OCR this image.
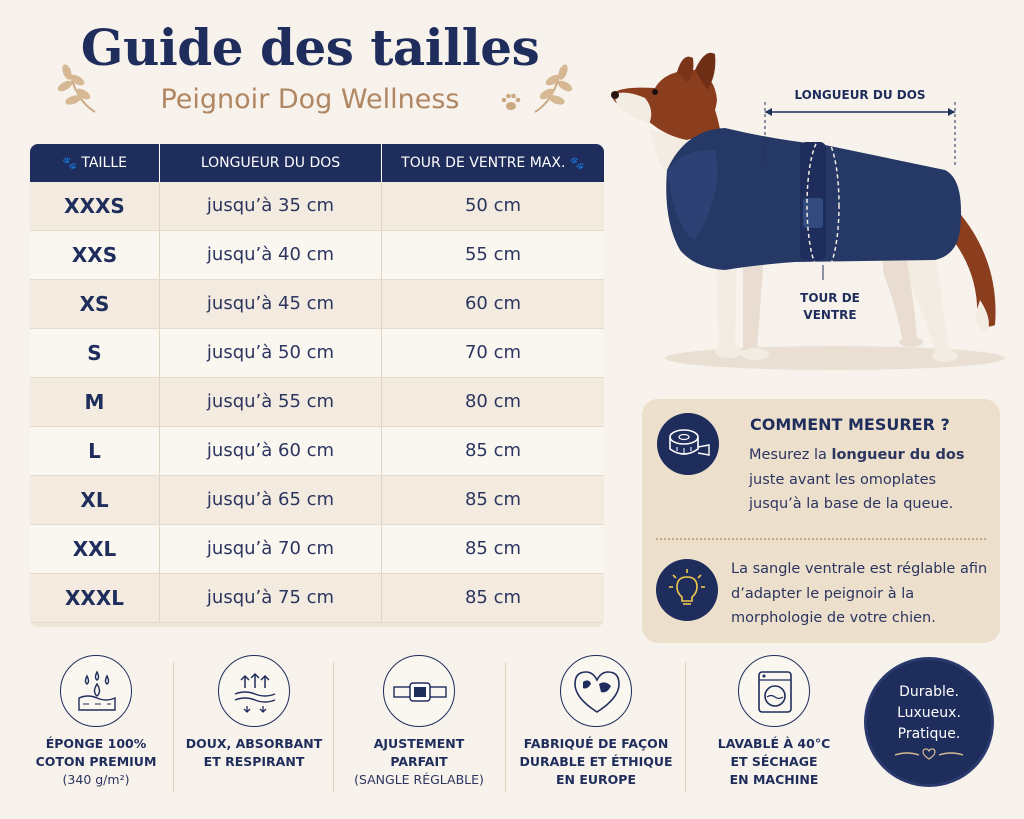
Guide des tailles
Peignoir Dog Wellness
🐾 TAILLE	LONGUEUR DU DOS	TOUR DE VENTRE MAX. 🐾
XXXS	jusqu’à 35 cm	50 cm
XXS	jusqu’à 40 cm	55 cm
XS	jusqu’à 45 cm	60 cm
S	jusqu’à 50 cm	70 cm
M	jusqu’à 55 cm	80 cm
L	jusqu’à 60 cm	85 cm
XL	jusqu’à 65 cm	85 cm
XXL	jusqu’à 70 cm	85 cm
XXXL	jusqu’à 75 cm	85 cm
LONGUEUR DU DOS
TOUR DE
VENTRE
COMMENT MESURER ?
Mesurez la longueur du dos juste avant les omoplates jusqu’à la base de la queue.
La sangle ventrale est réglable afin d’adapter le peignoir à la morphologie de votre chien.
ÉPONGE 100%
COTON PREMIUM
(340 g/m²)
DOUX, ABSORBANT
ET RESPIRANT
AJUSTEMENT
PARFAIT
(SANGLE RÉGLABLE)
FABRIQUÉ DE FAÇON
DURABLE ET ÉTHIQUE
EN EUROPE
LAVABLÉ À 40°C
ET SÉCHAGE
EN MACHINE
Durable.
Luxueux.
Pratique.
